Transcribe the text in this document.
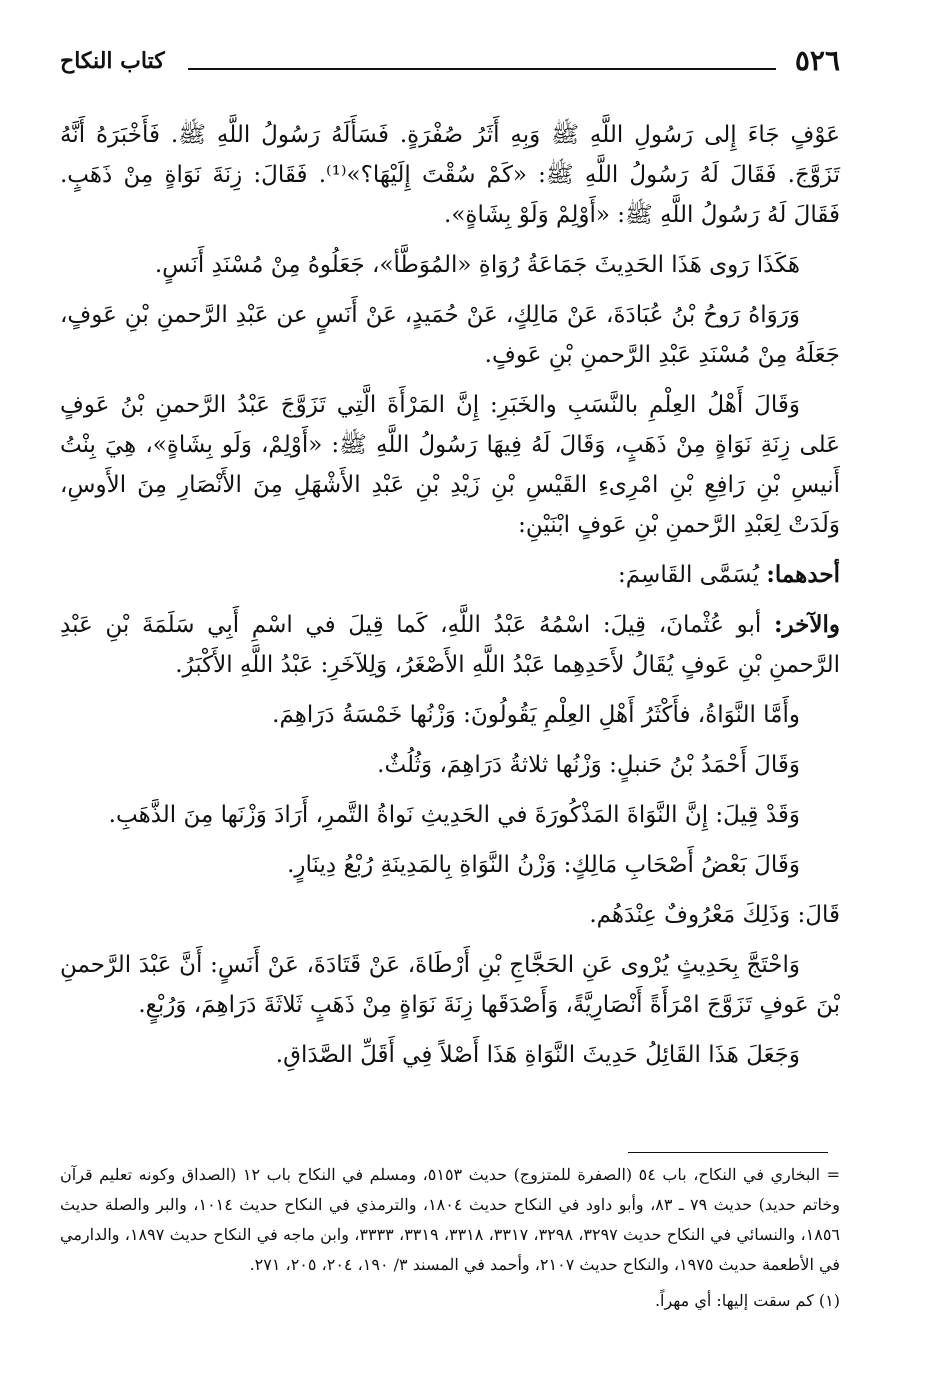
٥٢٦
كتاب النكاح

عَوْفٍ جَاءَ إِلى رَسُولِ اللَّهِ ﷺ وَبِهِ أَثَرُ صُفْرَةٍ. فَسَأَلَهُ رَسُولُ اللَّهِ ﷺ. فَأَخْبَرَهُ أَنَّهُ تَزَوَّجَ. فَقَالَ لَهُ رَسُولُ اللَّهِ ﷺ: «كَمْ سُقْتَ إِلَيْهَا؟»⁽¹⁾. فَقَالَ: زِنَةَ نَوَاةٍ مِنْ ذَهَبٍ. فَقَالَ لَهُ رَسُولُ اللَّهِ ﷺ: «أَوْلِمْ وَلَوْ بِشَاةٍ».

هَكَذَا رَوى هَذَا الحَدِيثَ جَمَاعَةُ رُوَاةِ «المُوَطَّأ»، جَعَلُوهُ مِنْ مُسْنَدِ أَنَسٍ.

وَرَوَاهُ رَوحُ بْنُ عُبَادَةَ، عَنْ مَالِكٍ، عَنْ حُمَيدٍ، عَنْ أَنَسٍ عن عَبْدِ الرَّحمنِ بْنِ عَوفٍ، جَعَلَهُ مِنْ مُسْنَدِ عَبْدِ الرَّحمنِ بْنِ عَوفٍ.

وَقَالَ أَهْلُ العِلْمِ بالنَّسَبِ والخَبَرِ: إِنَّ المَرْأَةَ الَّتِي تَزَوَّجَ عَبْدُ الرَّحمنِ بْنُ عَوفٍ عَلى زِنَةِ نَوَاةٍ مِنْ ذَهَبٍ، وَقَالَ لَهُ فِيهَا رَسُولُ اللَّهِ ﷺ: «أَوْلِمْ، وَلَو بِشَاةٍ»، هِيَ بِنْتُ أَنيسِ بْنِ رَافِعِ بْنِ امْرِىءِ القَيْسِ بْنِ زَيْدِ بْنِ عَبْدِ الأَشْهَلِ مِنَ الأَنْصَارِ مِنَ الأَوسِ، وَلَدَتْ لِعَبْدِ الرَّحمنِ بْنِ عَوفٍ ابْنَيْنِ:

أحدهما: يُسَمَّى القَاسِمَ:

والآخر: أبو عُثْمانَ، قِيلَ: اسْمُهُ عَبْدُ اللَّهِ، كَما قِيلَ في اسْمِ أَبِي سَلَمَةَ بْنِ عَبْدِ الرَّحمنِ بْنِ عَوفٍ يُقَالُ لأَحَدِهِما عَبْدُ اللَّهِ الأَصْغَرُ، وَلِلآخَرِ: عَبْدُ اللَّهِ الأَكْبَرُ.

وأَمَّا النَّوَاةُ، فأَكْثَرُ أَهْلِ العِلْمِ يَقُولُونَ: وَزْنُها خَمْسَةُ دَرَاهِمَ.

وَقَالَ أَحْمَدُ بْنُ حَنبلٍ: وَزْنُها ثلاثةُ دَرَاهِمَ، وَثُلُثٌ.

وَقَدْ قِيلَ: إِنَّ النَّوَاةَ المَذْكُورَةَ في الحَدِيثِ نَواةُ التَّمرِ، أَرَادَ وَزْنَها مِنَ الذَّهَبِ.

وَقَالَ بَعْضُ أَصْحَابِ مَالِكٍ: وَزْنُ النَّوَاةِ بِالمَدِينَةِ رُبْعُ دِينَارٍ.

قَالَ: وَذَلِكَ مَعْرُوفٌ عِنْدَهُم.

وَاحْتَجَّ بِحَدِيثٍ يُرْوى عَنِ الحَجَّاجِ بْنِ أَرْطَاةَ، عَنْ قَتَادَةَ، عَنْ أَنَسٍ: أَنَّ عَبْدَ الرَّحمنِ بْنَ عَوفٍ تَزَوَّجَ امْرَأَةً أَنْصَارِيَّةً، وَأَصْدَقَها زِنَةَ نَوَاةٍ مِنْ ذَهَبٍ ثَلاثَةَ دَرَاهِمَ، وَرُبْعٍ.

وَجَعَلَ هَذَا القَائِلُ حَدِيثَ النَّوَاةِ هَذَا أَصْلاً فِي أَقَلِّ الصَّدَاقِ.

= البخاري في النكاح، باب ٥٤ (الصفرة للمتزوج) حديث ٥١٥٣، ومسلم في النكاح باب ١٢ (الصداق وكونه تعليم قرآن وخاتم حديد) حديث ٧٩ ـ ٨٣، وأبو داود في النكاح حديث ١٨٠٤، والترمذي في النكاح حديث ١٠١٤، والبر والصلة حديث ١٨٥٦، والنسائي في النكاح حديث ٣٢٩٧، ٣٢٩٨، ٣٣١٧، ٣٣١٨، ٣٣١٩، ٣٣٣٣، وابن ماجه في النكاح حديث ١٨٩٧، والدارمي في الأطعمة حديث ١٩٧٥، والنكاح حديث ٢١٠٧، وأحمد في المسند ٣/ ١٩٠، ٢٠٤، ٢٠٥، ٢٧١.

(١) كم سقت إليها: أي مهراً.
